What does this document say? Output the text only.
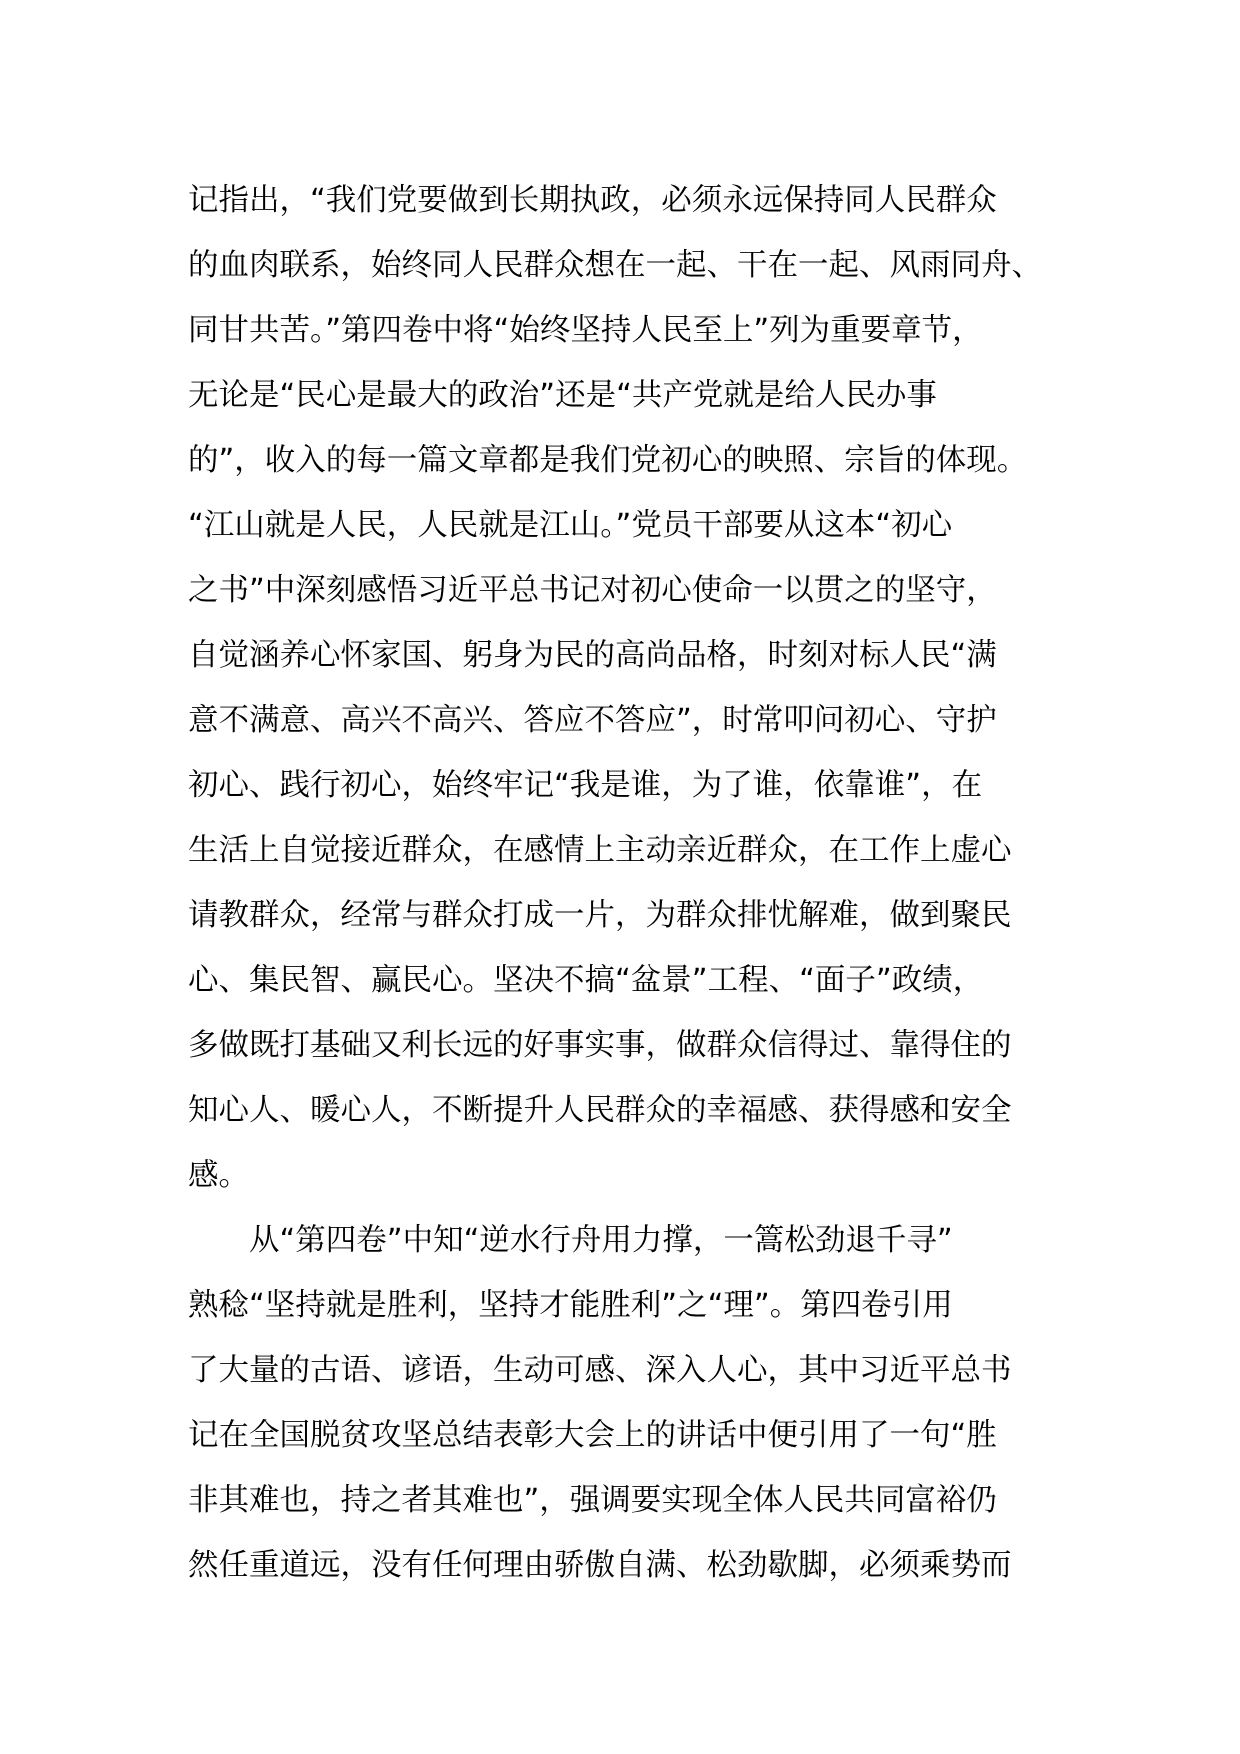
记指出，“我们党要做到长期执政，必须永远保持同人民群众
的血肉联系，始终同人民群众想在一起、干在一起、风雨同舟、
同甘共苦。”第四卷中将“始终坚持人民至上”列为重要章节，
无论是“民心是最大的政治”还是“共产党就是给人民办事
的”，收入的每一篇文章都是我们党初心的映照、宗旨的体现。
“江山就是人民，人民就是江山。”党员干部要从这本“初心
之书”中深刻感悟习近平总书记对初心使命一以贯之的坚守，
自觉涵养心怀家国、躬身为民的高尚品格，时刻对标人民“满
意不满意、高兴不高兴、答应不答应”，时常叩问初心、守护
初心、践行初心，始终牢记“我是谁，为了谁，依靠谁”，在
生活上自觉接近群众，在感情上主动亲近群众，在工作上虚心
请教群众，经常与群众打成一片，为群众排忧解难，做到聚民
心、集民智、赢民心。坚决不搞“盆景”工程、“面子”政绩，
多做既打基础又利长远的好事实事，做群众信得过、靠得住的
知心人、暖心人，不断提升人民群众的幸福感、获得感和安全
感。
从“第四卷”中知“逆水行舟用力撑，一篙松劲退千寻”
熟稔“坚持就是胜利，坚持才能胜利”之“理”。第四卷引用
了大量的古语、谚语，生动可感、深入人心，其中习近平总书
记在全国脱贫攻坚总结表彰大会上的讲话中便引用了一句“胜
非其难也，持之者其难也”，强调要实现全体人民共同富裕仍
然任重道远，没有任何理由骄傲自满、松劲歇脚，必须乘势而
